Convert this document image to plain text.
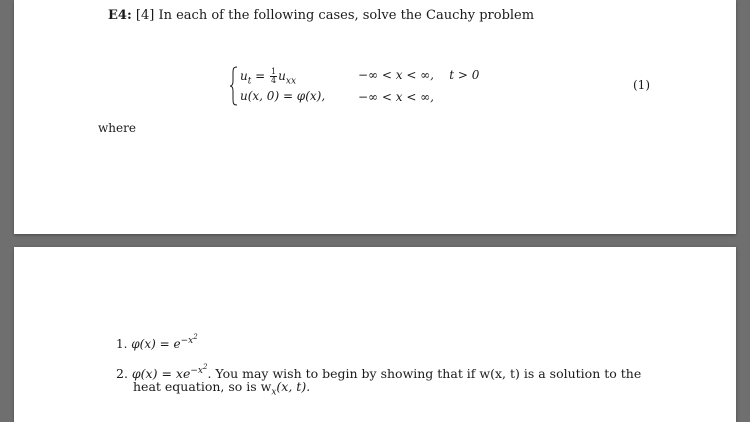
E4: [4] In each of the following cases, solve the Cauchy problem
$u_t = \frac{1}{4} u_{xx}$
u(x, 0) = φ(x),
−∞ < x < ∞,    t > 0
−∞ < x < ∞,
(1)
where
1. $\varphi(x) = e^{-x^2}$
2. $\varphi(x) = xe^{-x^2}$. You may wish to begin by showing that if w(x, t) is a solution to the
heat equation, so is $w_x(x$, t).
